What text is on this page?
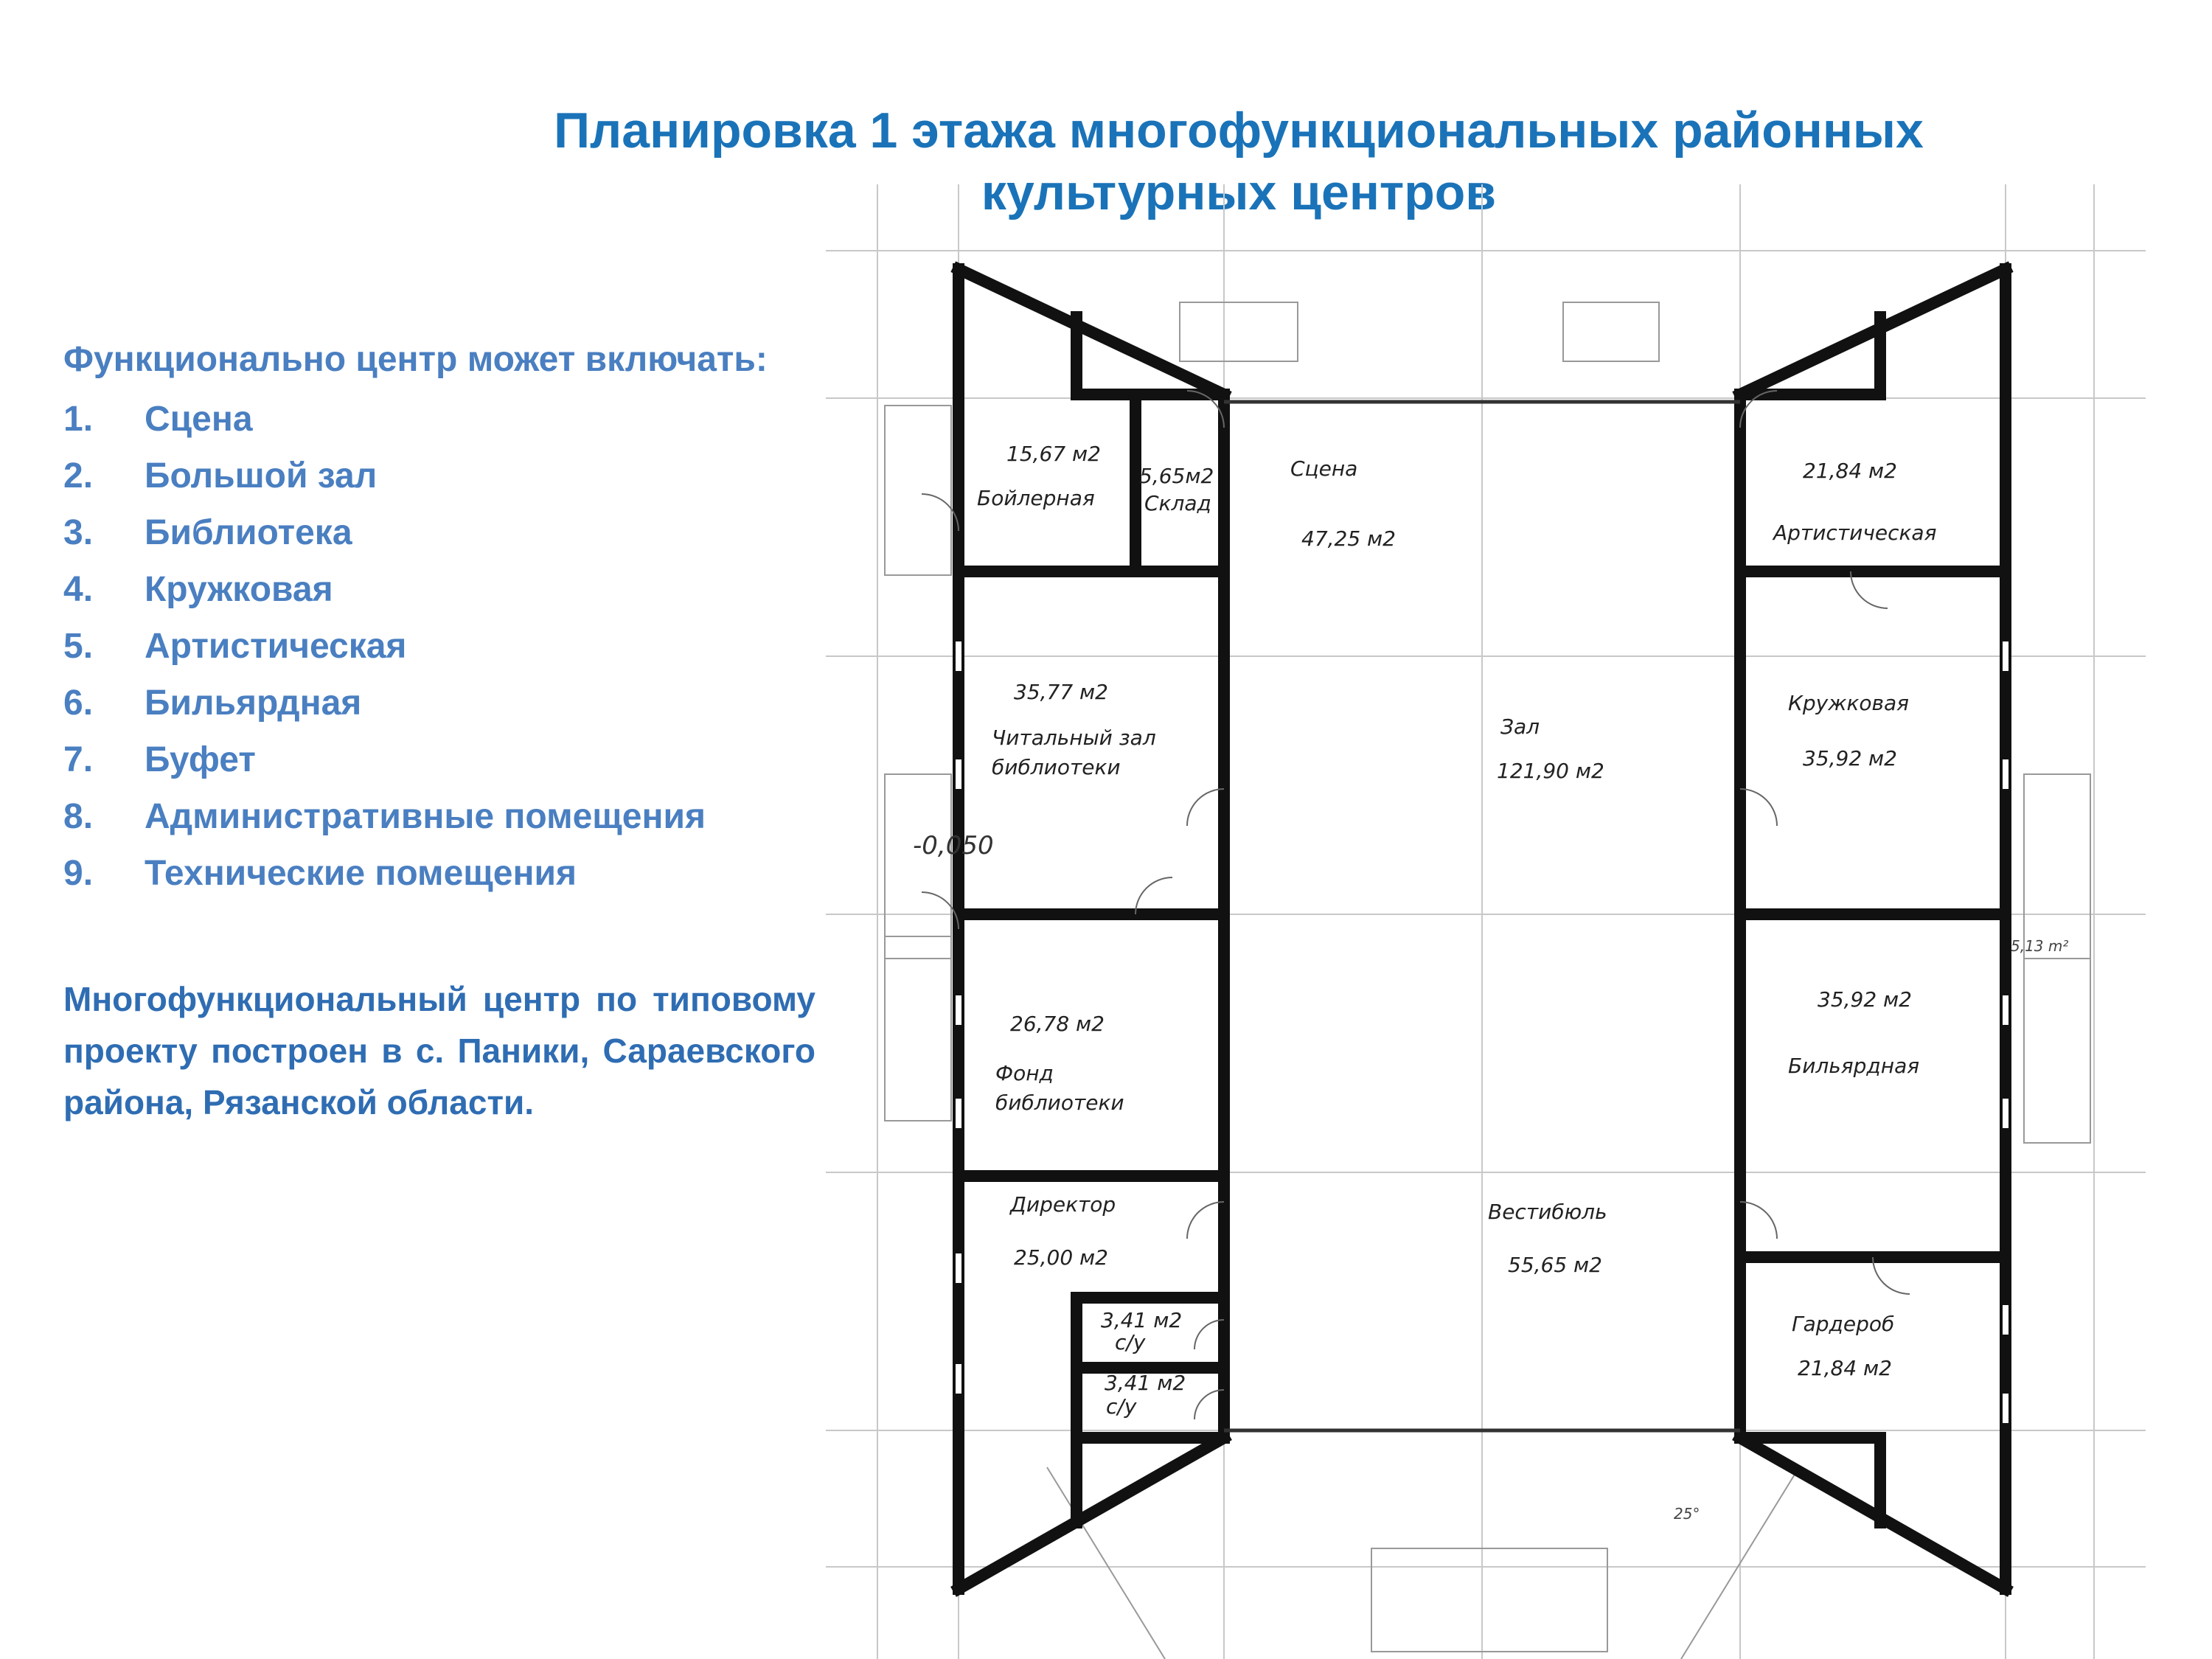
Планировка 1 этажа многофункциональных районных
культурных центров
Функционально центр может включать:
1.	Сцена
2.	Большой зал
3.	Библиотека
4.	Кружковая
5.	Артистическая
6.	Бильярдная
7.	Буфет
8.	Административные помещения
9.	Технические помещения
Многофункциональный центр по типовому проекту построен в с. Паники, Сараевского района, Рязанской области.
15,67 м2
Бойлерная
5,65м2
Склад
Сцена
47,25 м2
21,84 м2
Артистическая
35,77 м2
Читальный зал
библиотеки
Зал
121,90 м2
Кружковая
35,92 м2
-0,050
5,13 m²
26,78 м2
Фонд
библиотеки
35,92 м2
Бильярдная
Директор
25,00 м2
Вестибюль
55,65 м2
3,41 м2
с/у
3,41 м2
с/у
Гардероб
21,84 м2
25°
